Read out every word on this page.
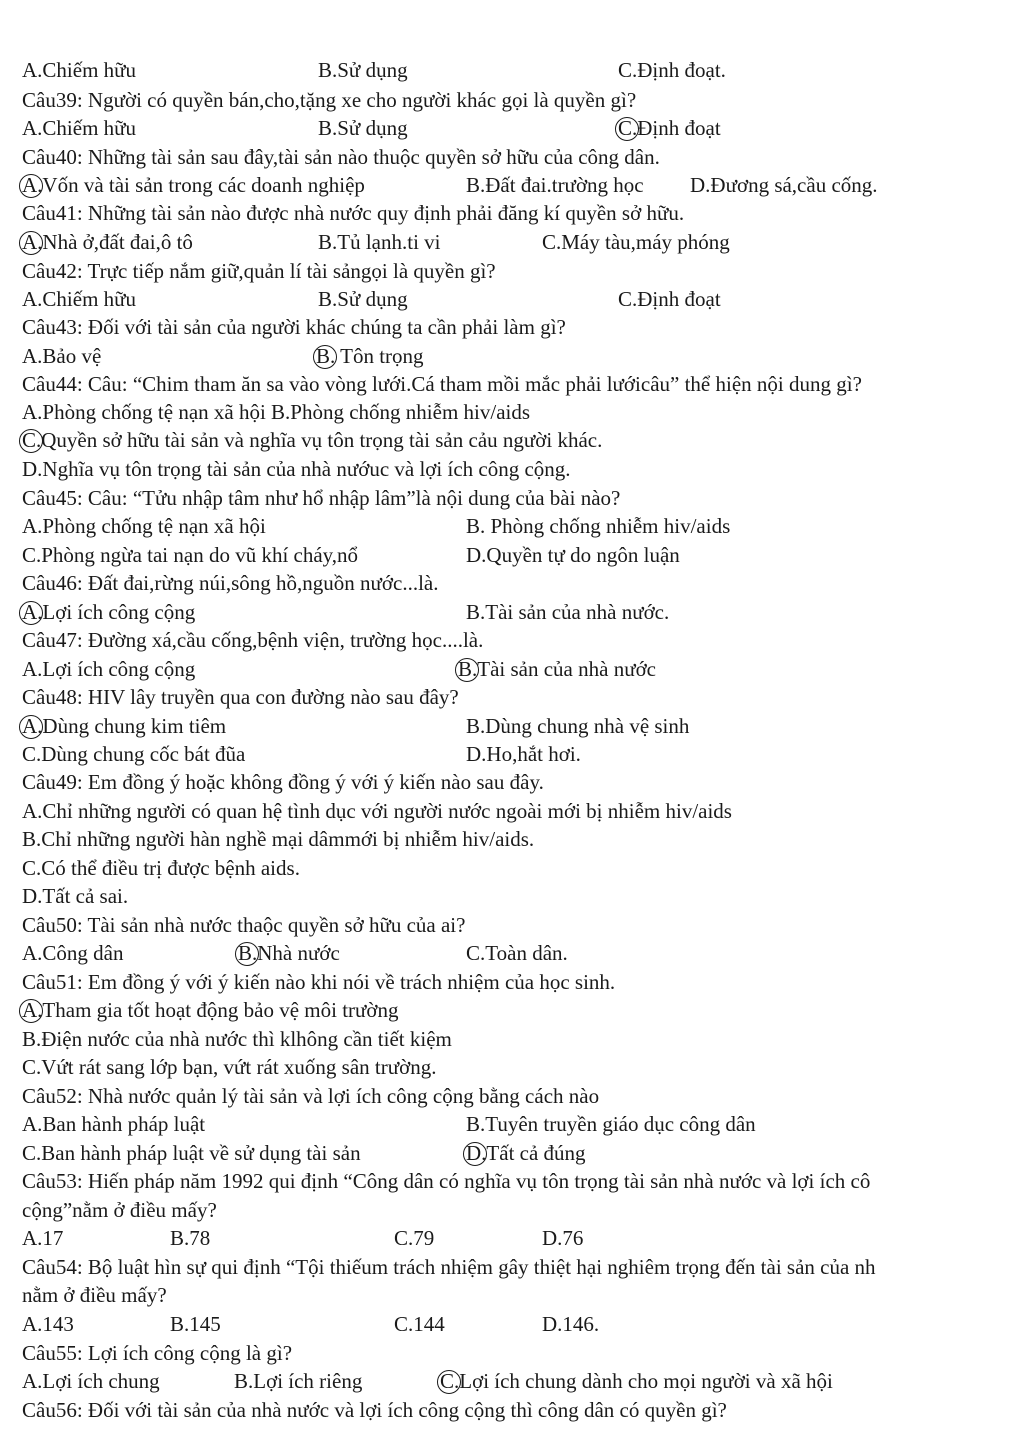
A.Chiếm hữu	B.Sử dụng	C.Định đoạt.
Câu39: Người có quyền bán,cho,tặng xe cho người khác gọi là quyền gì?
A.Chiếm hữu	B.Sử dụng	C.Định đoạt
Câu40: Những tài sản sau đây,tài sản nào thuộc quyền sở hữu của công dân.
A.Vốn và tài sản trong các doanh nghiệp	B.Đất đai.trường học D.Đương sá,cầu cống.
Câu41: Những tài sản nào được nhà nước quy định phải đăng kí quyền sở hữu.
A.Nhà ở,đất đai,ô tô	B.Tủ lạnh.ti vi	C.Máy tàu,máy phóng
Câu42: Trực tiếp nắm giữ,quản lí tài sảngọi là quyền gì?
A.Chiếm hữu	B.Sử dụng	C.Định đoạt
Câu43: Đối với tài sản của người khác chúng ta cần phải làm gì?
A.Bảo vệ	B. Tôn trọng
Câu44: Câu: “Chim tham ăn sa vào vòng lưới.Cá tham mồi mắc phải lướicâu” thể hiện nội dung gì?
A.Phòng chống tệ nạn xã hội B.Phòng chống nhiễm hiv/aids
C.Quyền sở hữu tài sản và nghĩa vụ tôn trọng tài sản cảu người khác.
D.Nghĩa vụ tôn trọng tài sản của nhà nướuc và lợi ích công cộng.
Câu45: Câu: “Tửu nhập tâm như hổ nhập lâm”là nội dung của bài nào?
A.Phòng chống tệ nạn xã hội	B. Phòng chống nhiễm hiv/aids
C.Phòng ngừa tai nạn do vũ khí cháy,nổ	D.Quyền tự do ngôn luận
Câu46: Đất đai,rừng núi,sông hồ,nguồn nước...là.
A.Lợi ích công cộng	B.Tài sản của nhà nước.
Câu47: Đường xá,cầu cống,bệnh viện, trường học....là.
A.Lợi ích công cộng	B.Tài sản của nhà nước
Câu48: HIV lây truyền qua con đường nào sau đây?
A.Dùng chung kim tiêm	B.Dùng chung nhà vệ sinh
C.Dùng chung cốc bát đũa	D.Ho,hắt hơi.
Câu49: Em đồng ý hoặc không đồng ý với ý kiến nào sau đây.
A.Chỉ những người có quan hệ tình dục với người nước ngoài mới bị nhiễm hiv/aids
B.Chỉ những người hàn nghề mại dâmmới bị nhiễm hiv/aids.
C.Có thể điều trị được bệnh aids.
D.Tất cả sai.
Câu50: Tài sản nhà nước thaộc quyền sở hữu của ai?
A.Công dân	B.Nhà nước	C.Toàn dân.
Câu51: Em đồng ý với ý kiến nào khi nói về trách nhiệm của học sinh.
A.Tham gia tốt hoạt động bảo vệ môi trường
B.Điện nước của nhà nước thì klhông cần tiết kiệm
C.Vứt rát sang lớp bạn, vứt rát xuống sân trường.
Câu52: Nhà nước quản lý tài sản và lợi ích công cộng bằng cách nào
A.Ban hành pháp luật	B.Tuyên truyền giáo dục công dân
C.Ban hành pháp luật về sử dụng tài sản	D.Tất cả đúng
Câu53: Hiến pháp năm 1992 qui định “Công dân có nghĩa vụ tôn trọng tài sản nhà nước và lợi ích cô
cộng”nằm ở điều mấy?
A.17	B.78	C.79	D.76
Câu54: Bộ luật hìn sự qui định “Tội thiếum trách nhiệm gây thiệt hại nghiêm trọng đến tài sản của nh
nằm ở điều mấy?
A.143	B.145	C.144	D.146.
Câu55: Lợi ích công cộng là gì?
A.Lợi ích chung	B.Lợi ích riêng	C.Lợi ích chung dành cho mọi người và xã hội
Câu56: Đối với tài sản của nhà nước và lợi ích công cộng thì công dân có quyền gì?
